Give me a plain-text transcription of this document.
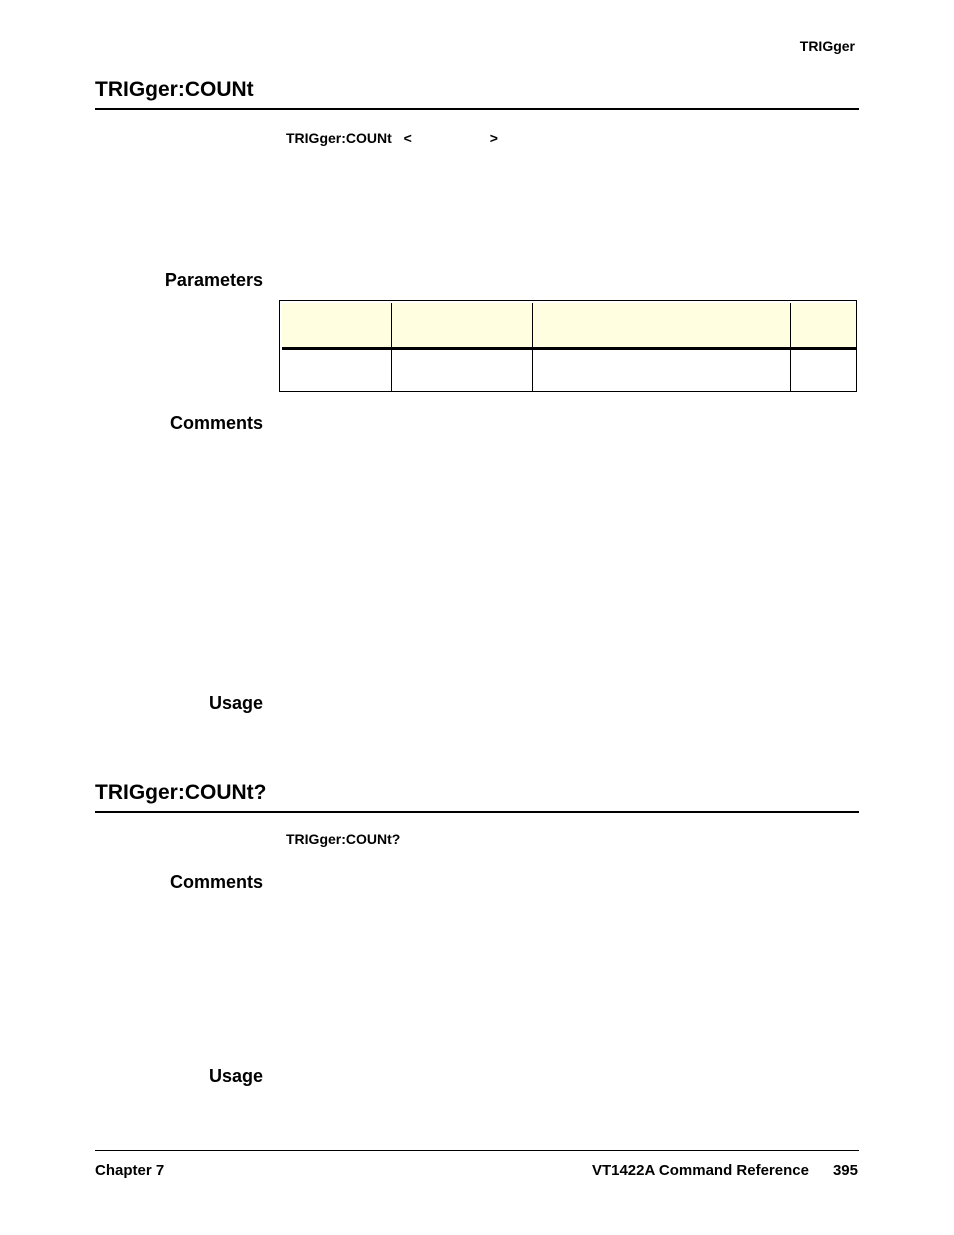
TRIGger
TRIGger:COUNt
TRIGger:COUNt <	>
Parameters

Comments
Usage
TRIGger:COUNt?
TRIGger:COUNt?
Comments
Usage
Chapter 7	VT1422A Command Reference 395
